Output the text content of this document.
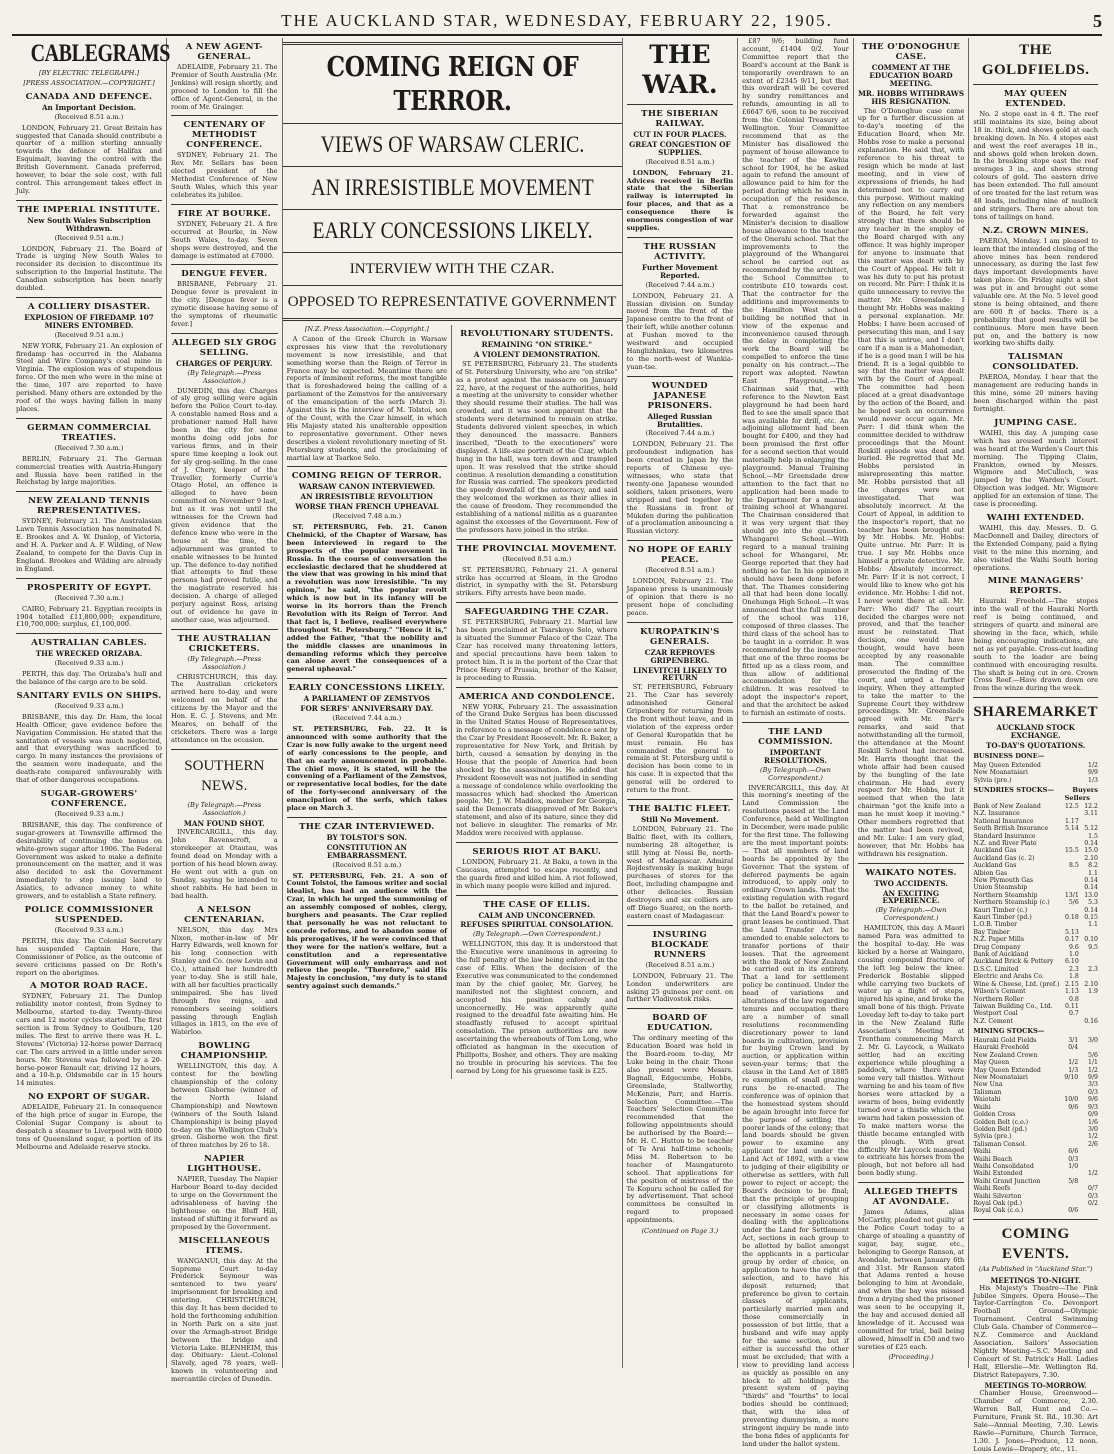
THE AUCKLAND STAR, WEDNESDAY, FEBRUARY 22, 1905.	5
CABLEGRAMS
[BY ELECTRIC TELEGRAPH.]
[PRESS ASSOCIATION.—COPYRIGHT.]
CANADA AND DEFENCE.
An Important Decision.
(Received 8.51 a.m.)

LONDON, February 21. Great Britain has suggested that Canada should contribute a quarter of a million sterling annually towards the defence of Halifax and Esquimalt, leaving the control with the British Government. Canada preferred, however, to bear the sole cost, with full control. This arrangement takes effect in July.

THE IMPERIAL INSTITUTE.
New South Wales Subscription Withdrawn.
(Received 9.51 a.m.)

LONDON, February 21. The Board of Trade is urging New South Wales to reconsider its decision to discontinue its subscription to the Imperial Institute. The Canadian subscription has been nearly doubled.

A COLLIERY DISASTER.
EXPLOSION OF FIREDAMP. 107 MINERS ENTOMBED.
(Received 9.51 a.m.)

NEW YORK, February 21. An explosion of firedamp has occurred in the Alabama Steel and Wire Company's coal mine in Virginia. The explosion was of stupendous force. Of the men who were in the mine at the time, 107 are reported to have perished. Many others are extended by the roof of the ways having fallen in many places.

GERMAN COMMERCIAL TREATIES.
(Received 7.30 a.m.)

BERLIN, February 21. The German commercial treaties with Austria-Hungary and Russia have been ratified in the Reichstag by large majorities.

NEW ZEALAND TENNIS REPRESENTATIVES.

SYDNEY, February 21. The Australasian Lawn Tennis Association has nominated N. E. Brookes and A. W. Dunlop, of Victoria, and H. A. Parker and A. F. Wilding, of New Zealand, to compete for the Davis Cup in England. Brookes and Wilding are already in England.

PROSPERITY OF EGYPT.
(Received 7.30 a.m.)

CAIRO, February 21. Egyptian receipts in 1904 totalled £11,800,000; expenditure, £10,700,000; surplus, £1,100,000.

AUSTRALIAN CABLES.
THE WRECKED ORIZABA.
(Received 9.33 a.m.)

PERTH, this day. The Orizaba's hull and the balance of the cargo are to be sold.

SANITARY EVILS ON SHIPS.
(Received 9.33 a.m.)

BRISBANE, this day. Dr. Ham, the local Health Officer, gave evidence before the Navigation Commission. He stated that the sanitation of vessels was much neglected, and that everything was sacrificed to cargo. In many instances the provisions of the seamen were inadequate, and the death-rate compared unfavourably with that of other dangerous occupations.

SUGAR-GROWERS' CONFERENCE.
(Received 9.33 a.m.)

BRISBANE, this day. The conference of sugar-growers at Townsville affirmed the desirability of continuing the bonus on white-grown sugar after 1906. The Federal Government was asked to make a definite pronouncement on the matter, and it was also decided to ask the Government immediately to stop issuing land to Asiatics, to advance money to white growers, and to establish a State refinery.

POLICE COMMISSIONER SUSPENDED.
(Received 9.33 a.m.)

PERTH, this day. The Colonial Secretary has suspended Captain Hare, the Commissioner of Police, as the outcome of severe criticisms passed on Dr. Roth's report on the aborigines.

A MOTOR ROAD RACE.

SYDNEY, February 21. The Dunlop reliability motor contest, from Sydney to Melbourne, started to-day. Twenty-three cars and 12 motor cycles started. The first section is from Sydney to Goulburn, 120 miles. The first to arrive there was H. L. Stevens' (Victoria) 12-horse power Darracq car. The cars arrived in a little under seven hours. Mr. Stevens was followed by a 20-horse-power Renault car, driving 12 hours, and a 10-h.p. Oldsmobile car in 15 hours 14 minutes.

NO EXPORT OF SUGAR.

ADELAIDE, February 21. In consequence of the high price of sugar in Europe, the Colonial Sugar Company is about to despatch a steamer to Liverpool with 6000 tons of Queensland sugar, a portion of its Melbourne and Adelaide reserve stocks.

A NEW AGENT-GENERAL.

ADELAIDE, February 21. The Premier of South Australia (Mr. Jenkins) will resign shortly, and proceed to London to fill the office of Agent-General, in the room of Mr. Grainger.

CENTENARY OF METHODIST CONFERENCE.

SYDNEY, February 21. The Rev. Mr. Sellars has been elected president of the Methodist Conference of New South Wales, which this year celebrates its jubilee.

FIRE AT BOURKE.

SYDNEY, February 21. A fire occurred at Bourke, in New South Wales, to-day. Seven shops were destroyed, and the damage is estimated at £7000.

DENGUE FEVER.

BRISBANE, February 21. Dengue fever is prevalent in the city. [Dengue fever is a zymotic disease having some of the symptoms of rheumatic fever.]

ALLEGED SLY GROG SELLING.
CHARGES OF PERJURY.
(By Telegraph.—Press Association.)

DUNEDIN, this day. Charges of sly grog selling were again before the Police Court to-day. A constable named Ross and a probationer named Hall have been in the city for some months doing odd jobs for various firms, and in their spare time keeping a look out for sly grog-selling. In the case of J. Chery, keeper of the Traveller, formerly Currie's Otago Hotel, an offence is alleged to have been committed on November 9 last, but as it was not until the witnesses for the Crown had given evidence that the defence knew who were in the house at the time, the adjournment was granted to enable witnesses to be hunted up. The defence to-day notified that attempts to find these persons had proved futile, and the magistrate reserved his decision. A charge of alleged perjury against Ross, arising out of evidence he gave in another case, was adjourned.

THE AUSTRALIAN CRICKETERS.
(By Telegraph.—Press Association.)

CHRISTCHURCH, this day. The Australian cricketers arrived here to-day, and were welcomed on behalf of the citizens by the Mayor and the Hon. E. C. J. Stevens, and Mr. Meares, on behalf of the cricketers. There was a large attendance on the occasion.

SOUTHERN NEWS.
(By Telegraph.—Press Association.)
MAN FOUND SHOT.

INVERCARGILL, this day. John Ravenscroft, a storekeeper at Otautau, was found dead on Monday with a portion of his head blown away. He went out with a gun on Sunday, saying he intended to shoot rabbits. He had been in bad health.

A NELSON CENTENARIAN.

NELSON, this day. Mrs Nixon, mother-in-law of Mr Harry Edwards, well known for his long connection with Stanley and Co. (now Levin and Co.), attained her hundredth year to-day. She is still hale, with all her faculties practically unimpaired. She has lived through five reigns, and remembers seeing soldiers passing through English villages in 1815, on the eve of Waterloo.

BOWLING CHAMPIONSHIP.

WELLINGTON, this day. A contest for the bowling championship of the colony between Gisborne (winner of the North Island Championship) and Newtown (winners of the South Island Championship) is being played to-day on the Wellington Club's green. Gisborne won the first of three matches by 26 to 18.

NAPIER LIGHTHOUSE.

NAPIER, Tuesday. The Napier Harbour Board to-day decided to urge on the Government the advisableness of having the lighthouse on the Bluff Hill, instead of shifting it forward as proposed by the Government.

MISCELLANEOUS ITEMS.

WANGANUI, this day. At the Supreme Court to-day Frederick Seymour was sentenced to two years' imprisonment for breaking and entering. CHRISTCHURCH, this day. It has been decided to hold the forthcoming exhibition in North Park on a site just over the Armagh-street Bridge between the bridge and Victoria Lake. BLENHEIM, this day. Obituary: Lieut.-Colonel Slavely, aged 78 years, well-known in volunteering and mercantile circles of Dunedin.

COMING REIGN OF TERROR.
VIEWS OF WARSAW CLERIC.
AN IRRESISTIBLE MOVEMENT
EARLY CONCESSIONS LIKELY.
INTERVIEW WITH THE CZAR.
OPPOSED TO REPRESENTATIVE GOVERNMENT
[N.Z. Press Association.—Copyright.]

A Canon of the Greek Church in Warsaw expresses his view that the revolutionary movement is now irresistible, and that something worse than the Reign of Terror in France may be expected. Meantime there are reports of imminent reforms, the most tangible that is foreshadowed being the calling of a parliament of the Zemstvos for the anniversary of the emancipation of the serfs (March 3). Against this is the interview of M. Tolstoi, son of the Count, with the Czar himself, in which His Majesty stated his unalterable opposition to representative government. Other news describes a violent revolutionary meeting of St. Petersburg students, and the proclaiming of martial law at Tsarkoe Selo.

COMING REIGN OF TERROR.
WARSAW CANON INTERVIEWED.
AN IRRESISTIBLE REVOLUTION
WORSE THAN FRENCH UPHEAVAL
(Received 7.48 a.m.)

ST. PETERSBURG, Feb. 21. Canon Chelmicki, of the Chapter of Warsaw, has been interviewed in regard to the prospects of the popular movement in Russia. In the course of conversation the ecclesiastic declared that he shuddered at the view that was growing in his mind that a revolution was now irresistible. "In my opinion," he said, "the popular revolt which is now but in its infancy will be worse in its horrors than the French Revolution with its Reign of Terror. And that fact is, I believe, realised everywhere throughout St. Petersburg." "Hence it is," added the Father, "that the nobility and the middle classes are unanimous in demanding reforms which they perceive can alone avert the consequences of a general upheaval."

EARLY CONCESSIONS LIKELY.
A PARLIAMENT OF ZEMSTVOS
FOR SERFS' ANNIVERSARY DAY.
(Received 7.44 a.m.)

ST. PETERSBURG, Feb. 22. It is announced with some authority that the Czar is now fully awake to the urgent need of early concessions to the people, and that an early announcement in probable. The chief move, it is stated, will be the convening of a Parliament of the Zemstvos, or representative local bodies, for the date of the forty-second anniversary of the emancipation of the serfs, which takes place on March 3.

THE CZAR INTERVIEWED.
BY TOLSTOI'S SON.
CONSTITUTION AN EMBARRASSMENT.
(Received 8.51 a.m.)

ST. PETERSBURG, Feb. 21. A son of Count Tolstoi, the famous writer and social idealist, has had an audience with the Czar, in which he urged the summoning of an assembly composed of nobles, clergy, burghers and peasants. The Czar replied that personally he was not reluctant to concede reforms, and to abandon some of his prerogatives, if he were convinced that they were for the nation's welfare, but a constitution and a representative Government will only embarrass and not relieve the people. "Therefore," said His Majesty in conclusion, "my duty is to stand sentry against such demands."

REVOLUTIONARY STUDENTS.
REMAINING "ON STRIKE."
A VIOLENT DEMONSTRATION.

ST. PETERSBURG, February 21. The students of St. Petersburg University, who are "on strike" as a protest against the massacre on January 22, have, at the request of the authorities, held a meeting at the university to consider whether they should resume their studies. The hall was crowded, and it was soon apparent that the students were determined to remain on strike. Students delivered violent speeches, in which they denounced the massacre. Banners inscribed, "Death to the executioners" were displayed. A life-size portrait of the Czar, which hung in the hall, was torn down and trampled upon. It was resolved that the strike should continue. A resolution demanding a constitution for Russia was carried. The speakers predicted the speedy downfall of the autocracy, and said they welcomed the workmen as their allies in the cause of freedom. They recommended the establishing of a national militia as a guarantee against the excesses of the Government. Few of the professors have joined in the strike.

THE PROVINCIAL MOVEMENT.
(Received 8.51 a.m.)

ST. PETERSBURG, February 21. A general strike has occurred at Sloam, in the Grodno district, in sympathy with the St. Petersburg strikers. Fifty arrests have been made.

SAFEGUARDING THE CZAR.

ST. PETERSBURG, February 21. Martial law has been proclaimed at Tsarskoye Selo, where is situated the Summer Palace of the Czar. The Czar has received many threatening letters, and special precautions have been taken to protect him. It is in the portent of the Czar that Prince Henry of Prussia, brother of the Kaiser, is proceeding to Russia.

AMERICA AND CONDOLENCE.

NEW YORK, February 21. The assassination of the Grand Duke Sergius has been discussed in the United States House of Representatives, in reference to a message of condolence sent by the Czar by President Roosevelt. Mr. R. Baker, a representative for New York, and British by birth, caused a sensation by denying in the House that the people of America had been shocked by the assassination. He added that President Roosevelt was not justified in sending a message of condolence while overlooking the massacres which had shocked the American people. Mr. J. W. Maddox, member for Georgia, said the Democrats disapproved of Mr. Baker's statement, and also of its nature, since they did not believe in slaughter. The remarks of Mr. Maddox were received with applause.

SERIOUS RIOT AT BAKU.

LONDON, February 21. At Baku, a town in the Caucasus, attempted to escape recently, and the guards fired and killed him. A riot followed, in which many people were killed and injured.

THE CASE OF ELLIS.
CALM AND UNCONCERNED.
REFUSES SPIRITUAL CONSOLATION.
(By Telegraph.—Own Correspondent.)

WELLINGTON, this day. It is understood that the Executive were unanimous in agreeing to the full penalty of the law being enforced in the case of Ellis. When the decision of the Executive was communicated to the condemned man by the chief gaoler, Mr. Garvey, he manifested not the slightest concern, and accepted his position calmly and unconcernedly. He was apparently quite resigned to the dreadful fate awaiting him. He steadfastly refused to accept spiritual consolation. The prison authorities are now ascertaining the whereabouts of Tom Long, who officiated as hangman in the execution of Phillpotts, Bosher, and others. They are making no trouble in procuring his services. The fee earned by Long for his gruesome task is £25.

THE WAR.
THE SIBERIAN RAILWAY.
CUT IN FOUR PLACES.
GREAT CONGESTION OF SUPPLIES.
(Received 8.51 a.m.)

LONDON, February 21. Advices received in Berlin state that the Siberian railway is interrupted in four places, and that as a consequence there is enormous congestion of war supplies.

THE RUSSIAN ACTIVITY.
Further Movement Reported.
(Received 7.44 a.m.)

LONDON, February 21. A Russian division on Sunday moved from the front of the Japanese centre to the front of their left, while another column at Fushan moved to the westward and occupied Hanglizhinkau, two kilometres to the north-west of Wankia-yuan-tse.

WOUNDED JAPANESE PRISONERS.
Alleged Russian Brutalities.
(Received 7.44 a.m.)

LONDON, February 21. The profoundest indignation has been created in Japan by the reports of Chinese eye-witnesses, who state that twenty-one Japanese wounded soldiers, taken prisoners, were stripped and tied together by the Russians in front of Mukden during the publication of a proclamation announcing a Russian victory.

NO HOPE OF EARLY PEACE.
(Received 8.51 a.m.)

LONDON, February 21. The Japanese press is unanimously of opinion that there is no present hope of concluding peace.

KUROPATKIN'S GENERALS.
CZAR REPROVES GRIPENBERG.
LINEVITCH LIKELY TO RETURN

ST. PETERSBURG, February 21. The Czar has severely admonished General Gripenberg for returning from the front without leave, and in violation of the express order of General Kuropatkin that he must remain. He has commanded the general to remain at St. Petersburg until a decision has been come to in his case. It is expected that the general will be ordered to return to the front.

THE BALTIC FLEET.
Still No Movement.

LONDON, February 21. The Baltic fleet, with its colliers, numbering 28 altogether, is still lying at Nossi Be, north-west of Madagascar. Admiral Rojdestvensky is making huge purchases of stores for the fleet, including champagne and other delicacies. Russian destroyers and six colliers are off Diego Suarez, on the north-eastern coast of Madagascar.

INSURING BLOCKADE RUNNERS
(Received 8.51 a.m.)

LONDON, February 21. The London underwriters are asking 25 guineas per cent. on further Vladivostok risks.

BOARD OF EDUCATION.

The ordinary meeting of the Education Board was held in the Board-room to-day, Mr Luke being in the chair. Those also present were Messrs. Bagnall, Edgecumbe, Hobbs, Greenslade, Stallworthy, McKenzie, Parr, and Harris. Selection Committee.—The Teachers' Selection Committee recommended that the following appointments should be authorised by the Board:—Mr. H. C. Hutton to be teacher of Te Arai half-time schools; Miss M. Robertson to be teacher of Maungaturoto school. That applications for the position of mistress of the Te Kopuru school be called for by advertisement. That school committees be consulted in regard to proposed appointments.

(Continued on Page 3.)

£87 9/6; building fund account, £1404 0/2. Your Committee report that the Board's account at the Bank is temporarily overdrawn to an extent of £2345 9/11, but that this overdraft will be covered by sundry remittances and refunds, amounting in all to £6647 6/6, soon to be received from the Colonial Treasury at Wellington. Your Committee recommend that as the Minister has disallowed the payment of house allowance to the teacher of the Kawhia school for 1904, he be asked again to refund the amount of allowance paid to him for the period during which he was in occupation of the residence. That a remonstrance be forwarded against the Minister's decision to disallow house allowance to the teacher of the Onerahi school. That the improvements to the playground of the Whangarei school be carried out as recommended by the architect, the School Committee to contribute £10 towards cost. That the contractor for the additions and improvements to the Hamilton West school building be notified that in view of the expense and inconvenience caused through the delay in completing the work the Board will be compelled to enforce the time penalty on his contract.—The report was adopted. Newton East Playground.—The Chairman said that, with reference to the Newton East playground he had been hard fled to see the small space that was available for drill, etc. An adjoining allotment had been bought for £400, and they had been promised the first offer for a second section that would materially help in enlarging the playground. Manual Training School.—Mr Greenslade drew attention to the fact that no application had been made to the Department for a manual training school at Whangarei. The Chairman considered that it was very urgent that they should go into the question. Whangarei School.—With regard to a manual training school for Whangarei, Mr. George reported that they had nothing so far. In his opinion it should have been done before that. The Thames considering all that had been done locally. Onehunga High School.—It was announced that the full number of the school was 116, composed of three classes. The third class of the school has to be taught in a corridor. It was recommended by the inspector that one of the three rooms be fitted up as a class room, and thus allow of additional accommodation for the children. It was resolved to adopt the inspector's report, and that the architect be asked to furnish an estimate of costs.

THE LAND COMMISSION.
IMPORTANT RESOLUTIONS.
(By Telegraph.—Own Correspondent.)

INVERCARGILL, this day. At this morning's meeting of the Land Commission the resolutions passed at the Land Conference, held at Wellington in December, were made public for the first time. The following are the most important points:— That all members of land boards be appointed by the Governor. That the system of deferred payments be again introduced, to apply only to ordinary Crown lands. That the existing regulation with regard to the ballot be retained, and that the Land Board's power to grant leases be continued. That the Land Transfer Act be amended to enable selectors to transfer portions of their leases. That the agreement with the Bank of New Zealand be carried out in its entirety. That a land for settlement policy be continued. Under the head of variations and alterations of the law regarding tenures and occupation there are a number of small resolutions recommending discretionary power to land boards in cultivation, provision for buying Crown land by auction, or application within seven-year terms; that the clause in the Land Act of 1885 re exemption of small grazing runs be re-enacted. The conference was of opinion that the homestead system should be again brought into force for the purpose of settling the poorer lands of the colony; that land boards should be given power to examine any applicant for land under the Land Act of 1892, with a view to judging of their eligibility or otherwise as settlers, with full power to reject or accept; the Board's decision to be final; that the principle of grouping or classifying allotments is necessary in some cases for dealing with the applications under the Land for Settlement Act, sections in each group to be allotted by ballot amongst the applicants in a particular group by order of choice, on application to have the right of selection, and to have his deposit returned; that preference be given to certain classes of applicants, particularly married men and those commercially in possession of but little, that a husband and wife may apply for the same section, but if either is successful the other must be excluded; that with a view to providing land access as quickly as possible on any block to all holdings, the present system of paying "thirds" and "fourths" to local bodies should be continued; that, with the idea of preventing dummyism, a more stringent inquiry be made into the bona fides of applicants for land under the ballot system.

THE O'DONOGHUE CASE.
COMMENT AT THE EDUCATION BOARD MEETING.
MR. HOBBS WITHDRAWS HIS RESIGNATION.

The O'Donoghue case came up for a further discussion at to-day's meeting of the Education Board, when Mr. Hobbs rose to make a personal explanation. He said that, with reference to his threat to resign which he made at last meeting, and in view of expressions of friends, he had determined not to carry out this purpose. Without making any reflection on any members of the Board, he felt very strongly that there should be any teacher in the employ of the Board charged with any offence. It was highly improper for anyone to insinuate that this matter was dealt with by the Court of Appeal. He felt it was his duty to put his protest on record. Mr. Parr: I think it is quite unnecessary to revive the matter. Mr. Greenslade: I thought Mr. Hobbs was making a personal explanation. Mr. Hobbs: I have been accused of persecuting this man, and I say that this is untrue, and I don't care if a man is a Mahomedan, if he is a good man I will be his friend. It is a legal quibble to say that the matter was dealt with by the Court of Appeal. The committee had been placed at a great disadvantage by the action of the Board, and he hoped such an occurrence would never occur again. Mr. Parr: I did think when the committee decided to withdraw proceedings that the Mount Roskill episode was dead and buried. He regretted that Mr. Hobbs persisted in misrepresenting this matter. Mr. Hobbs persisted that all the charges were not investigated. That was absolutely incorrect. At the Court of Appeal, in addition to the inspector's report, that no teacher has been brought out by Mr. Hobbs. Mr. Hobbs: Quite untrue. Mr. Parr: It is true. I say Mr. Hobbs once himself a private detective. Mr. Hobbs: Absolutely incorrect. Mr. Parr: If it is not correct, I would like to know who got his evidence. Mr. Hobbs: I did not. I never went there at all. Mr. Parr: Who did? The court decided the charges were not proved, and that the teacher must be reinstated. That decision, one would have thought, would have been accepted by any reasonable man. The committee prosecuted the finding of the court, and urged a further inquiry. When they attempted to take the matter to the Supreme Court they withdrew proceedings. Mr. Greenslade agreed with Mr. Parr's remarks, and said that notwithstanding all the turmoil, the attendance at the Mount Roskill School had increased. Mr. Harris thought that the whole affair had been caused by the bungling of the late chairman. He had every respect for Mr. Hobbs, but it seemed that when the late chairman "got the knife into a man he must keep it moving." Other members regretted that the matter had been revived, and Mr. Luke: I am very glad, however, that Mr. Hobbs has withdrawn his resignation.

WAIKATO NOTES.
TWO ACCIDENTS.
AN EXCITING EXPERIENCE.
(By Telegraph.—Own Correspondent.)

HAMILTON, this day. A Maori named Para was admitted to the hospital to-day. He was kicked by a horse at Waingaro, causing compound fracture of the left leg below the knee. Frederick Bostable slipped while carrying two buckets of water up a flight of steps, injured his spine, and broke the small bone of his thigh. Private Loveday left to-day to take part in the New Zealand Rifle Association's Meeting at Trentham commencing March 2. Mr. G. Laycock, a Waikato settler, had an exciting experience while ploughing a paddock, where there were some very tall thistles. Without warning he and his team of five horses were attacked by a swarm of bees, being evidently turned over a thistle which the swarm had taken possession of. To make matters worse the thistle became entangled with the plough. With great difficulty Mr Laycock managed to extricate his horses from the plough, but not before all had been badly stung.

ALLEGED THEFTS AT AVONDALE.

James Adams, alias McCarthy, pleaded not guilty at the Police Court today to a charge of stealing a quantity of sugar, bay, sugar, etc., belonging to George Ranson, at Avondale, between January 6th and 31st. Mr Ranson stated that Adams rented a house belonging to him at Avondale, and when the bay was missed from a drying shed the prisoner was seen to be occupying it, the bay and accused denied all knowledge of it. Accused was committed for trial, bail being allowed, himself in £50 and two sureties of £25 each.

(Proceeding.)
THE GOLDFIELDS.
MAY QUEEN EXTENDED.

No. 2 stope east in 4 ft. The reef still maintains its size, being about 18 in. thick, and shows gold at each breaking down. In No. 4 stopes east and west the reef averages 18 in., and shows gold when broken down. In the breaking stope east the reef averages 3 in., and shows strong colours of gold. The eastern drive has been extended. The full amount of ore treated for the last return was 48 loads, including nine of mullock and stringers. There are about ten tons of tailings on hand.

N.Z. CROWN MINES.

PAEROA, Monday. I am pleased to learn that the intended closing of the above mines has been rendered unnecessary, as during the last few days important developments have taken place. On Friday night a shot was put in and brought out some valuable ore. At the No. 5 level good stone is being obtained, and there are 600 ft of backs. There is a probability that good results will be continuous. More men have been put on, and the battery is now working two shifts daily.

TALISMAN CONSOLIDATED.

PAEROA, Monday. I hear that the management are reducing hands in this mine, some 20 miners having been discharged within the past fortnight.

JUMPING CASE.

WAIHI, this day. A jumping case which has aroused much interest was heard at the Warden's Court this morning. The Tipping Claim, Frankton, owned by Messrs. Wigmore and McCulloch, was jumped by the Warden's Court. Objection was lodged. Mr. Wigmore applied for an extension of time. The case is proceeding.

WAIHI EXTENDED.

WAIHI, this day. Messrs. D. G. MacDonnell and Dailey, directors of the Extended Company, paid a flying visit to the mine this morning, and also visited the Waihi South boring operations.

MINE MANAGERS' REPORTS.

Hauraki Freehold.—The stopes into the wall of the Hauraki North reef is being continued, and stringers of quartz and mineral are showing in the face, which, while being encouraging indications, are not as yet payable. Cross-cut leading south to the leader are being continued with encouraging results. The shaft is being cut in ore. Crown Cross Reef.—Have drawn down ore from the winze during the week.

SHAREMARKET
AUCKLAND STOCK EXCHANGE.
TO-DAY'S QUOTATIONS.
BUSINESS DONE—
May Queen Extended	1/2
New Moanataiari	9/9
Sylvia (pre.)	1/3
SUNDRIES STOCKS—	Buyers
Sellers
Bank of New Zealand	12.5	12.2
N.Z. Insurance		3.11
National Insurance	1.17	
South British Insurance	5.14	5.12
Standard Insurance		1.5
N.Z. and River Plate		0.14
Auckland Gas	15.5	15.0
Auckland Gas (c. 2)		2.10
Auckland Gas	8.5	8.2
Albion Gas		1.1
New Plymouth Gas		0.14
Union Steamship		0.14
Northern Steamship	13/1	13.0
Northern Steamship (c.)	5/6	5.3
Kauri Timber (c.)		0.14
Kauri Timber (pd.)	0.18	0.15
L.O.B. Timber		1.1
Bay Timber	5.13	
N.Z. Paper Mills	0.17	0.10
Drug Company	9.6	9.5
Bank of Auckland	1.0	
Auckland Brick & Pottery	6.10	
D.S.C. Limited	2.3	2.3
Electric and Arabs Co.	1.8	
Wine & Cheese, Ltd. (pref.)	2.15	2.10
Wilson's Cement	1.13	1.9
Northern Roller	0.8	
Taiwan Building Co., Ltd.	0.11	
Westport Coal	0.7	
N.Z. Cement		0.16
MINING STOCKS—
Hauraki Gold Fields	3/1	3/0
Hauraki Freehold	0/4	
New Zealand Crown		5/6
May Queen	1/2	1/1
May Queen Extended	1/3	1/2
New Moanataiari	9/10	9/9
New Una		3/3
Talisman		0/3
Waiotahi	10/0	9/6
Waihi	9/6	9/3
Golden Cross		0/9
Golden Belt (c.o.)		1/6
Golden Belt (pd.)		3/0
Sylvia (pre.)		1/2
Talisman Consol.		2/6
Waihi	6/6	
Waihi Beach	0/3	
Waihi Consolidated	1/0	
Waihi Extended		1/2
Waihi Grand Junction	5/8	
Waihi Reefs		0/7
Waihi Silverton		0/3
Royal Oak (pd.)		0/2
Royal Oak (c.o.)	0/6	
COMING EVENTS.
(As Published in "Auckland Star.")
MEETINGS TO-NIGHT.

His Majesty's Theatre—The Pink Jubilee Singers. Opera House—The Taylor-Carrington Co. Devonport Football Ground—Olympic Tournament. Central Swimming Club Gala. Chamber of Commerce—N.Z. Commerce and Auckland Association. Sailors' Association Nightly Meeting—S.C. Meeting and Concert of St. Patrick's Hall. Ladies Hall, Ellerslie—Mr. Wellington Rd. District Ratepayers, 7.30.

MEETINGS TO-MORROW.

Chamber House, Greenwood—Chamber of Commerce, 2.30. Warren Ball, Hunt and Co.—Furniture, Frank St. Rd., 10.30. Art Sale—Annual Meeting, 7.30. Lewis Rawle—Furniture, Church Terrace, 1.30. J. Jones—Produce, 12 noon. Louis Lewis—Drapery, etc., 11.
